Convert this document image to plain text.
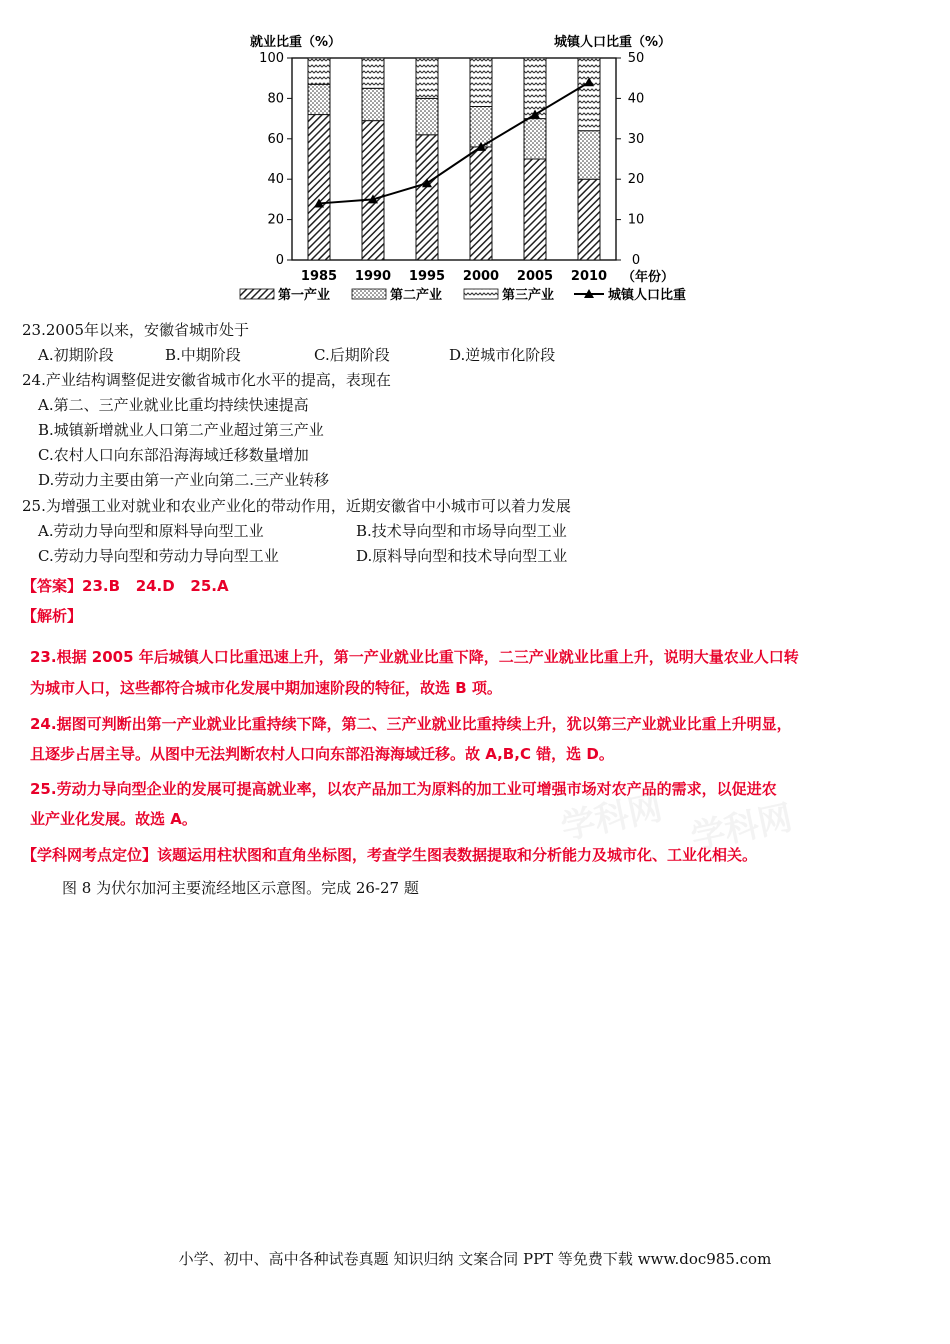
学科网 学科网
就业比重（%）	城镇人口比重（%）
100
80
60
40
20
0
50
40
30
20
10
0
1985 1990 1995 2000 2005 2010 （年份）
第一产业	第二产业	第三产业	城镇人口比重
23.2005年以来，安徽省城市处于
A.初期阶段	B.中期阶段	C.后期阶段	D.逆城市化阶段
24.产业结构调整促进安徽省城市化水平的提高，表现在
A.第二、三产业就业比重均持续快速提高
B.城镇新增就业人口第二产业超过第三产业
C.农村人口向东部沿海海域迁移数量增加
D.劳动力主要由第一产业向第二.三产业转移
25.为增强工业对就业和农业产业化的带动作用，近期安徽省中小城市可以着力发展
A.劳动力导向型和原料导向型工业	B.技术导向型和市场导向型工业
C.劳动力导向型和劳动力导向型工业	D.原料导向型和技术导向型工业
【答案】23.B   24.D   25.A
【解析】
23.根据 2005 年后城镇人口比重迅速上升，第一产业就业比重下降，二三产业就业比重上升，说明大量农业人口转
为城市人口，这些都符合城市化发展中期加速阶段的特征，故选 B 项。
24.据图可判断出第一产业就业比重持续下降，第二、三产业就业比重持续上升，犹以第三产业就业比重上升明显，
且逐步占居主导。从图中无法判断农村人口向东部沿海海域迁移。故 A,B,C 错，选 D。
25.劳动力导向型企业的发展可提高就业率，以农产品加工为原料的加工业可增强市场对农产品的需求，以促进农
业产业化发展。故选 A。
【学科网考点定位】该题运用柱状图和直角坐标图，考查学生图表数据提取和分析能力及城市化、工业化相关。
图 8 为伏尔加河主要流经地区示意图。完成 26-27 题
小学、初中、高中各种试卷真题 知识归纳 文案合同 PPT 等免费下载 www.doc985.com
